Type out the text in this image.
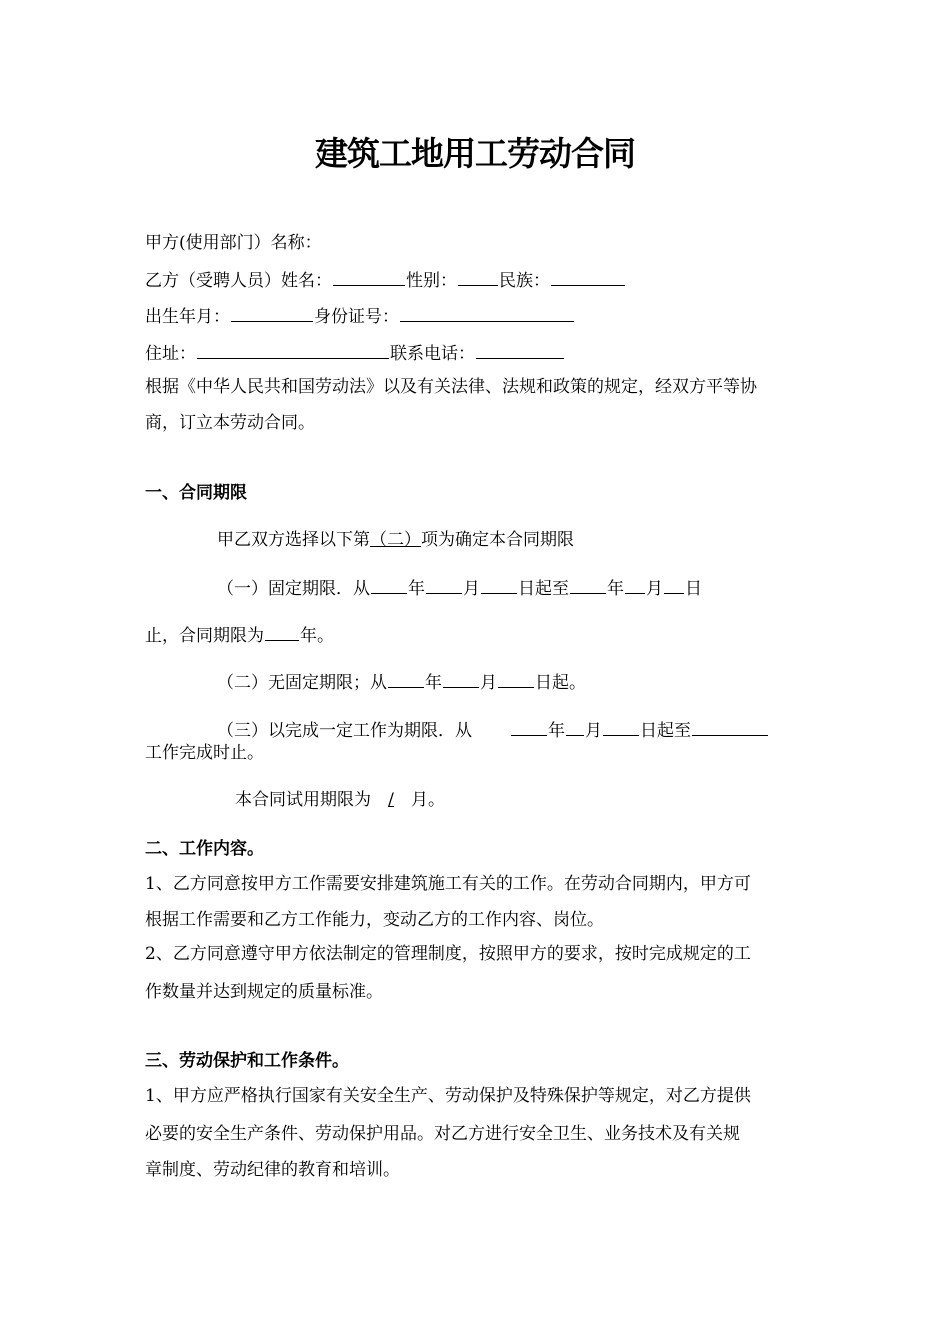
建筑工地用工劳动合同
甲方(使用部门）名称：
乙方（受聘人员）姓名：	性别： 民族：
出生年月：	身份证号：
住址：	联系电话：
根据《中华人民共和国劳动法》以及有关法律、法规和政策的规定，经双方平等协
商，订立本劳动合同。
一、合同期限
甲乙双方选择以下第（二）项为确定本合同期限
（一）固定期限．从 年 月 日起至 年 月 日
止，合同期限为 年。
（二）无固定期限；从 年 月 日起。
（三）以完成一定工作为期限．从	年 月 日起至
工作完成时止。
本合同试用期限为 / 月。
二、工作内容。
1、乙方同意按甲方工作需要安排建筑施工有关的工作。在劳动合同期内，甲方可
根据工作需要和乙方工作能力，变动乙方的工作内容、岗位。
2、乙方同意遵守甲方依法制定的管理制度，按照甲方的要求，按时完成规定的工
作数量并达到规定的质量标准。
三、劳动保护和工作条件。
1、甲方应严格执行国家有关安全生产、劳动保护及特殊保护等规定，对乙方提供
必要的安全生产条件、劳动保护用品。对乙方进行安全卫生、业务技术及有关规
章制度、劳动纪律的教育和培训。
